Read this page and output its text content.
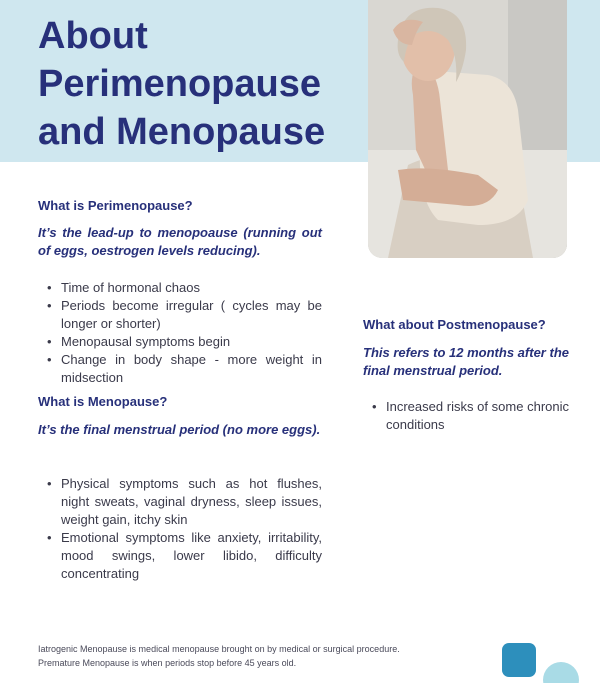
About Perimenopause and Menopause
What is Perimenopause?

It’s the lead-up to menopoause (running out of eggs, oestrogen levels reducing).

• Time of hormonal chaos
• Periods become irregular ( cycles may be longer or shorter)
• Menopausal symptoms begin
• Change in body shape - more weight in midsection
What is Menopause?

It’s the final menstrual period (no more eggs).

• Physical symptoms such as hot flushes, night sweats, vaginal dryness, sleep issues, weight gain, itchy skin
• Emotional symptoms like anxiety, irritability, mood swings, lower libido, difficulty concentrating
What about Postmenopause?

This refers to 12 months after the final menstrual period.

• Increased risks of some chronic conditions
Iatrogenic Menopause is medical menopause brought on by medical or surgical procedure.
Premature Menopause is when periods stop before 45 years old.
